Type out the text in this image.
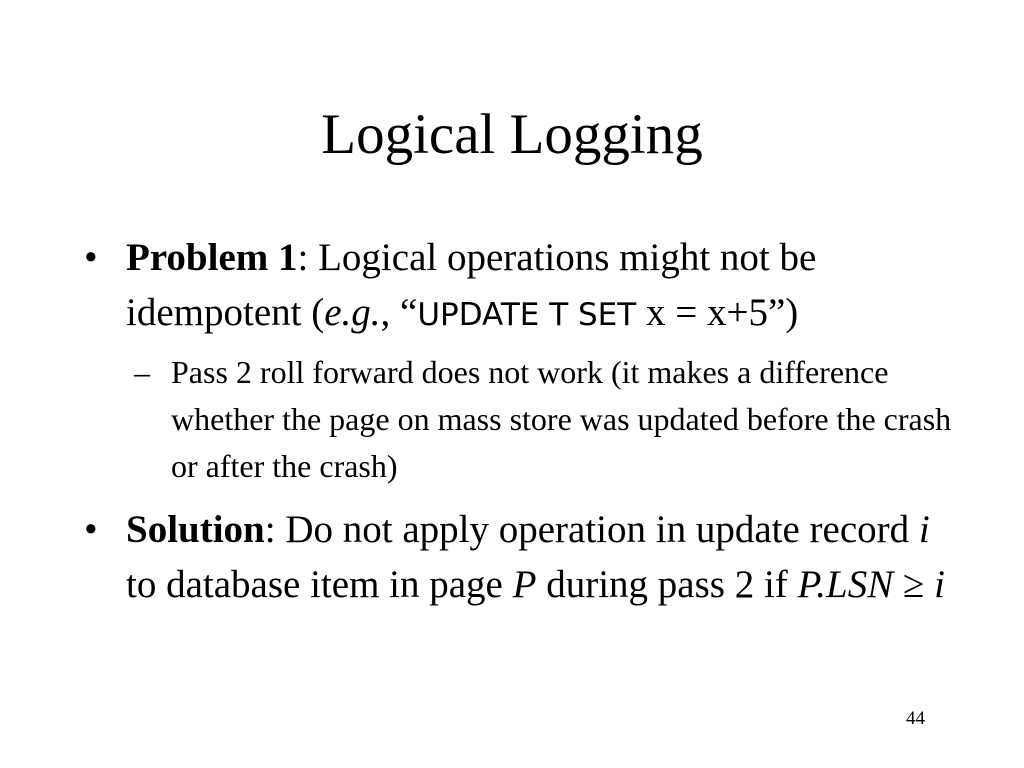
Logical Logging
• Problem 1: Logical operations might not be idempotent (e.g., “UPDATE T SET x = x+5”)
– Pass 2 roll forward does not work (it makes a difference whether the page on mass store was updated before the crash or after the crash)
• Solution: Do not apply operation in update record i to database item in page P during pass 2 if P.LSN ≥ i
44
